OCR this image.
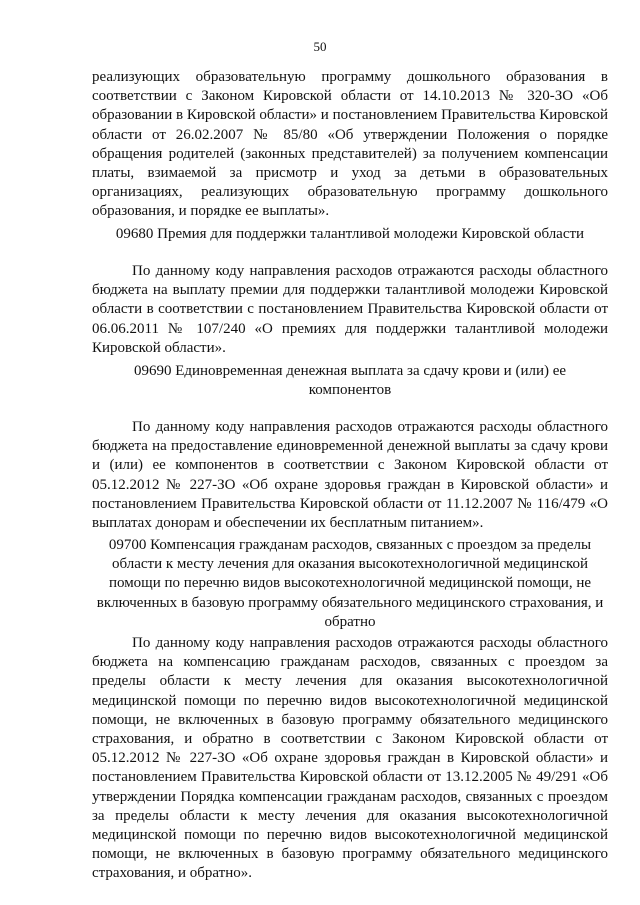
50
реализующих образовательную программу дошкольного образования в соответствии с Законом Кировской области от 14.10.2013 № 320-ЗО «Об образовании в Кировской области» и постановлением Правительства Кировской области от 26.02.2007 № 85/80 «Об утверждении Положения о порядке обращения родителей (законных представителей) за получением компенсации платы, взимаемой за присмотр и уход за детьми в образовательных организациях, реализующих образовательную программу дошкольного образования, и порядке ее выплаты».
09680 Премия для поддержки талантливой молодежи Кировской области
По данному коду направления расходов отражаются расходы областного бюджета на выплату премии для поддержки талантливой молодежи Кировской области в соответствии с постановлением Правительства Кировской области от 06.06.2011 № 107/240 «О премиях для поддержки талантливой молодежи Кировской области».
09690 Единовременная денежная выплата за сдачу крови и (или) ее компонентов
По данному коду направления расходов отражаются расходы областного бюджета на предоставление единовременной денежной выплаты за сдачу крови и (или) ее компонентов в соответствии с Законом Кировской области от 05.12.2012 № 227-ЗО «Об охране здоровья граждан в Кировской области» и постановлением Правительства Кировской области от 11.12.2007 № 116/479 «О выплатах донорам и обеспечении их бесплатным питанием».
09700 Компенсация гражданам расходов, связанных с проездом за пределы области к месту лечения для оказания высокотехнологичной медицинской помощи по перечню видов высокотехнологичной медицинской помощи, не включенных в базовую программу обязательного медицинского страхования, и обратно
По данному коду направления расходов отражаются расходы областного бюджета на компенсацию гражданам расходов, связанных с проездом за пределы области к месту лечения для оказания высокотехнологичной медицинской помощи по перечню видов высокотехнологичной медицинской помощи, не включенных в базовую программу обязательного медицинского страхования, и обратно в соответствии с Законом Кировской области от 05.12.2012 № 227-ЗО «Об охране здоровья граждан в Кировской области» и постановлением Правительства Кировской области от 13.12.2005 № 49/291 «Об утверждении Порядка компенсации гражданам расходов, связанных с проездом за пределы области к месту лечения для оказания высокотехнологичной медицинской помощи по перечню видов высокотехнологичной медицинской помощи, не включенных в базовую программу обязательного медицинского страхования, и обратно».
